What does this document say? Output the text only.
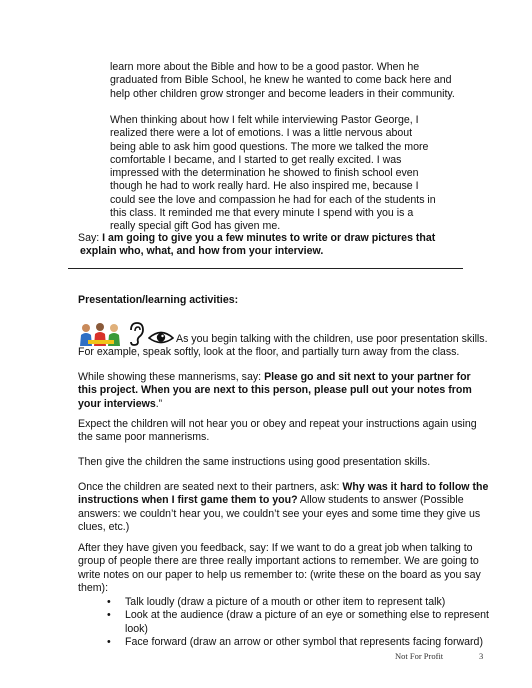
learn more about the Bible and how to be a good pastor. When he
graduated from Bible School, he knew he wanted to come back here and
help other children grow stronger and become leaders in their community.
When thinking about how I felt while interviewing Pastor George, I
realized there were a lot of emotions. I was a little nervous about
being able to ask him good questions. The more we talked the more
comfortable I became, and I started to get really excited. I was
impressed with the determination he showed to finish school even
though he had to work really hard. He also inspired me, because I
could see the love and compassion he had for each of the students in
this class. It reminded me that every minute I spend with you is a
really special gift God has given me.
Say: I am going to give you a few minutes to write or draw pictures that
explain who, what, and how from your interview.
Presentation/learning activities:
As you begin talking with the children, use poor presentation skills.
For example, speak softly, look at the floor, and partially turn away from the class.
While showing these mannerisms, say: Please go and sit next to your partner for
this project. When you are next to this person, please pull out your notes from
your interviews.”
Expect the children will not hear you or obey and repeat your instructions again using
the same poor mannerisms.
Then give the children the same instructions using good presentation skills.
Once the children are seated next to their partners, ask: Why was it hard to follow the
instructions when I first game them to you? Allow students to answer (Possible
answers: we couldn’t hear you, we couldn’t see your eyes and some time they give us
clues, etc.)
After they have given you feedback, say: If we want to do a great job when talking to
group of people there are three really important actions to remember. We are going to
write notes on our paper to help us remember to: (write these on the board as you say
them):
• Talk loudly (draw a picture of a mouth or other item to represent talk)
• Look at the audience (draw a picture of an eye or something else to represent
look)
• Face forward (draw an arrow or other symbol that represents facing forward)
Not For Profit	3
